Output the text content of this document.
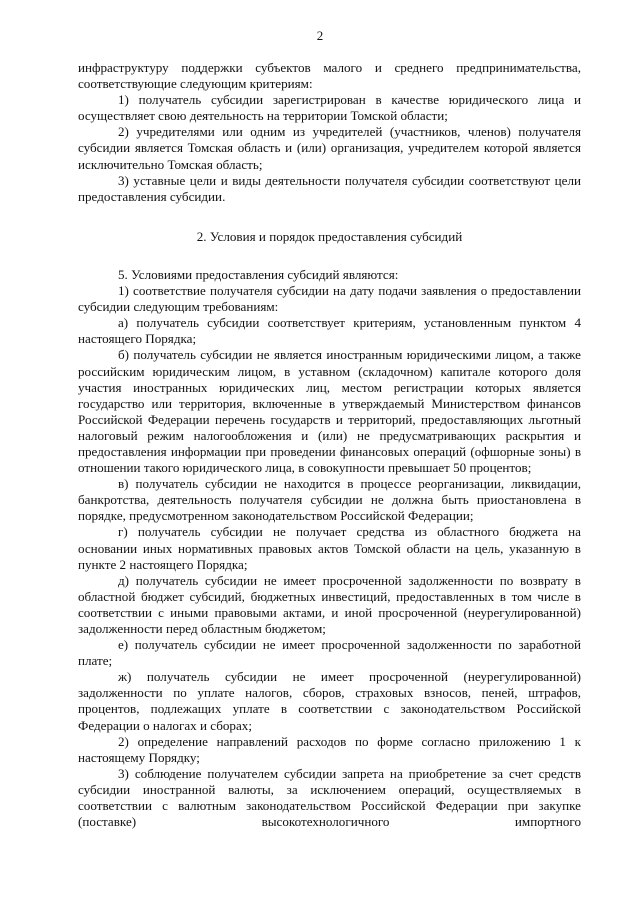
2

инфраструктуру поддержки субъектов малого и среднего предпринимательства, соответствующие следующим критериям:

1) получатель субсидии зарегистрирован в качестве юридического лица и осуществляет свою деятельность на территории Томской области;

2) учредителями или одним из учредителей (участников, членов) получателя субсидии является Томская область и (или) организация, учредителем которой является исключительно Томская область;

3) уставные цели и виды деятельности получателя субсидии соответствуют цели предоставления субсидии.

2. Условия и порядок предоставления субсидий

5. Условиями предоставления субсидий являются:

1) соответствие получателя субсидии на дату подачи заявления о предоставлении субсидии следующим требованиям:

а) получатель субсидии соответствует критериям, установленным пунктом 4 настоящего Порядка;

б) получатель субсидии не является иностранным юридическими лицом, а также российским юридическим лицом, в уставном (складочном) капитале которого доля участия иностранных юридических лиц, местом регистрации которых является государство или территория, включенные в утверждаемый Министерством финансов Российской Федерации перечень государств и территорий, предоставляющих льготный налоговый режим налогообложения и (или) не предусматривающих раскрытия и предоставления информации при проведении финансовых операций (офшорные зоны) в отношении такого юридического лица, в совокупности превышает 50 процентов;

в) получатель субсидии не находится в процессе реорганизации, ликвидации, банкротства, деятельность получателя субсидии не должна быть приостановлена в порядке, предусмотренном законодательством Российской Федерации;

г) получатель субсидии не получает средства из областного бюджета на основании иных нормативных правовых актов Томской области на цель, указанную в пункте 2 настоящего Порядка;

д) получатель субсидии не имеет просроченной задолженности по возврату в областной бюджет субсидий, бюджетных инвестиций, предоставленных в том числе в соответствии с иными правовыми актами, и иной просроченной (неурегулированной) задолженности перед областным бюджетом;

е) получатель субсидии не имеет просроченной задолженности по заработной плате;

ж) получатель субсидии не имеет просроченной (неурегулированной) задолженности по уплате налогов, сборов, страховых взносов, пеней, штрафов, процентов, подлежащих уплате в соответствии с законодательством Российской Федерации о налогах и сборах;

2) определение направлений расходов по форме согласно приложению 1 к настоящему Порядку;

3) соблюдение получателем субсидии запрета на приобретение за счет средств субсидии иностранной валюты, за исключением операций, осуществляемых в соответствии с валютным законодательством Российской Федерации при закупке (поставке) высокотехнологичного импортного
